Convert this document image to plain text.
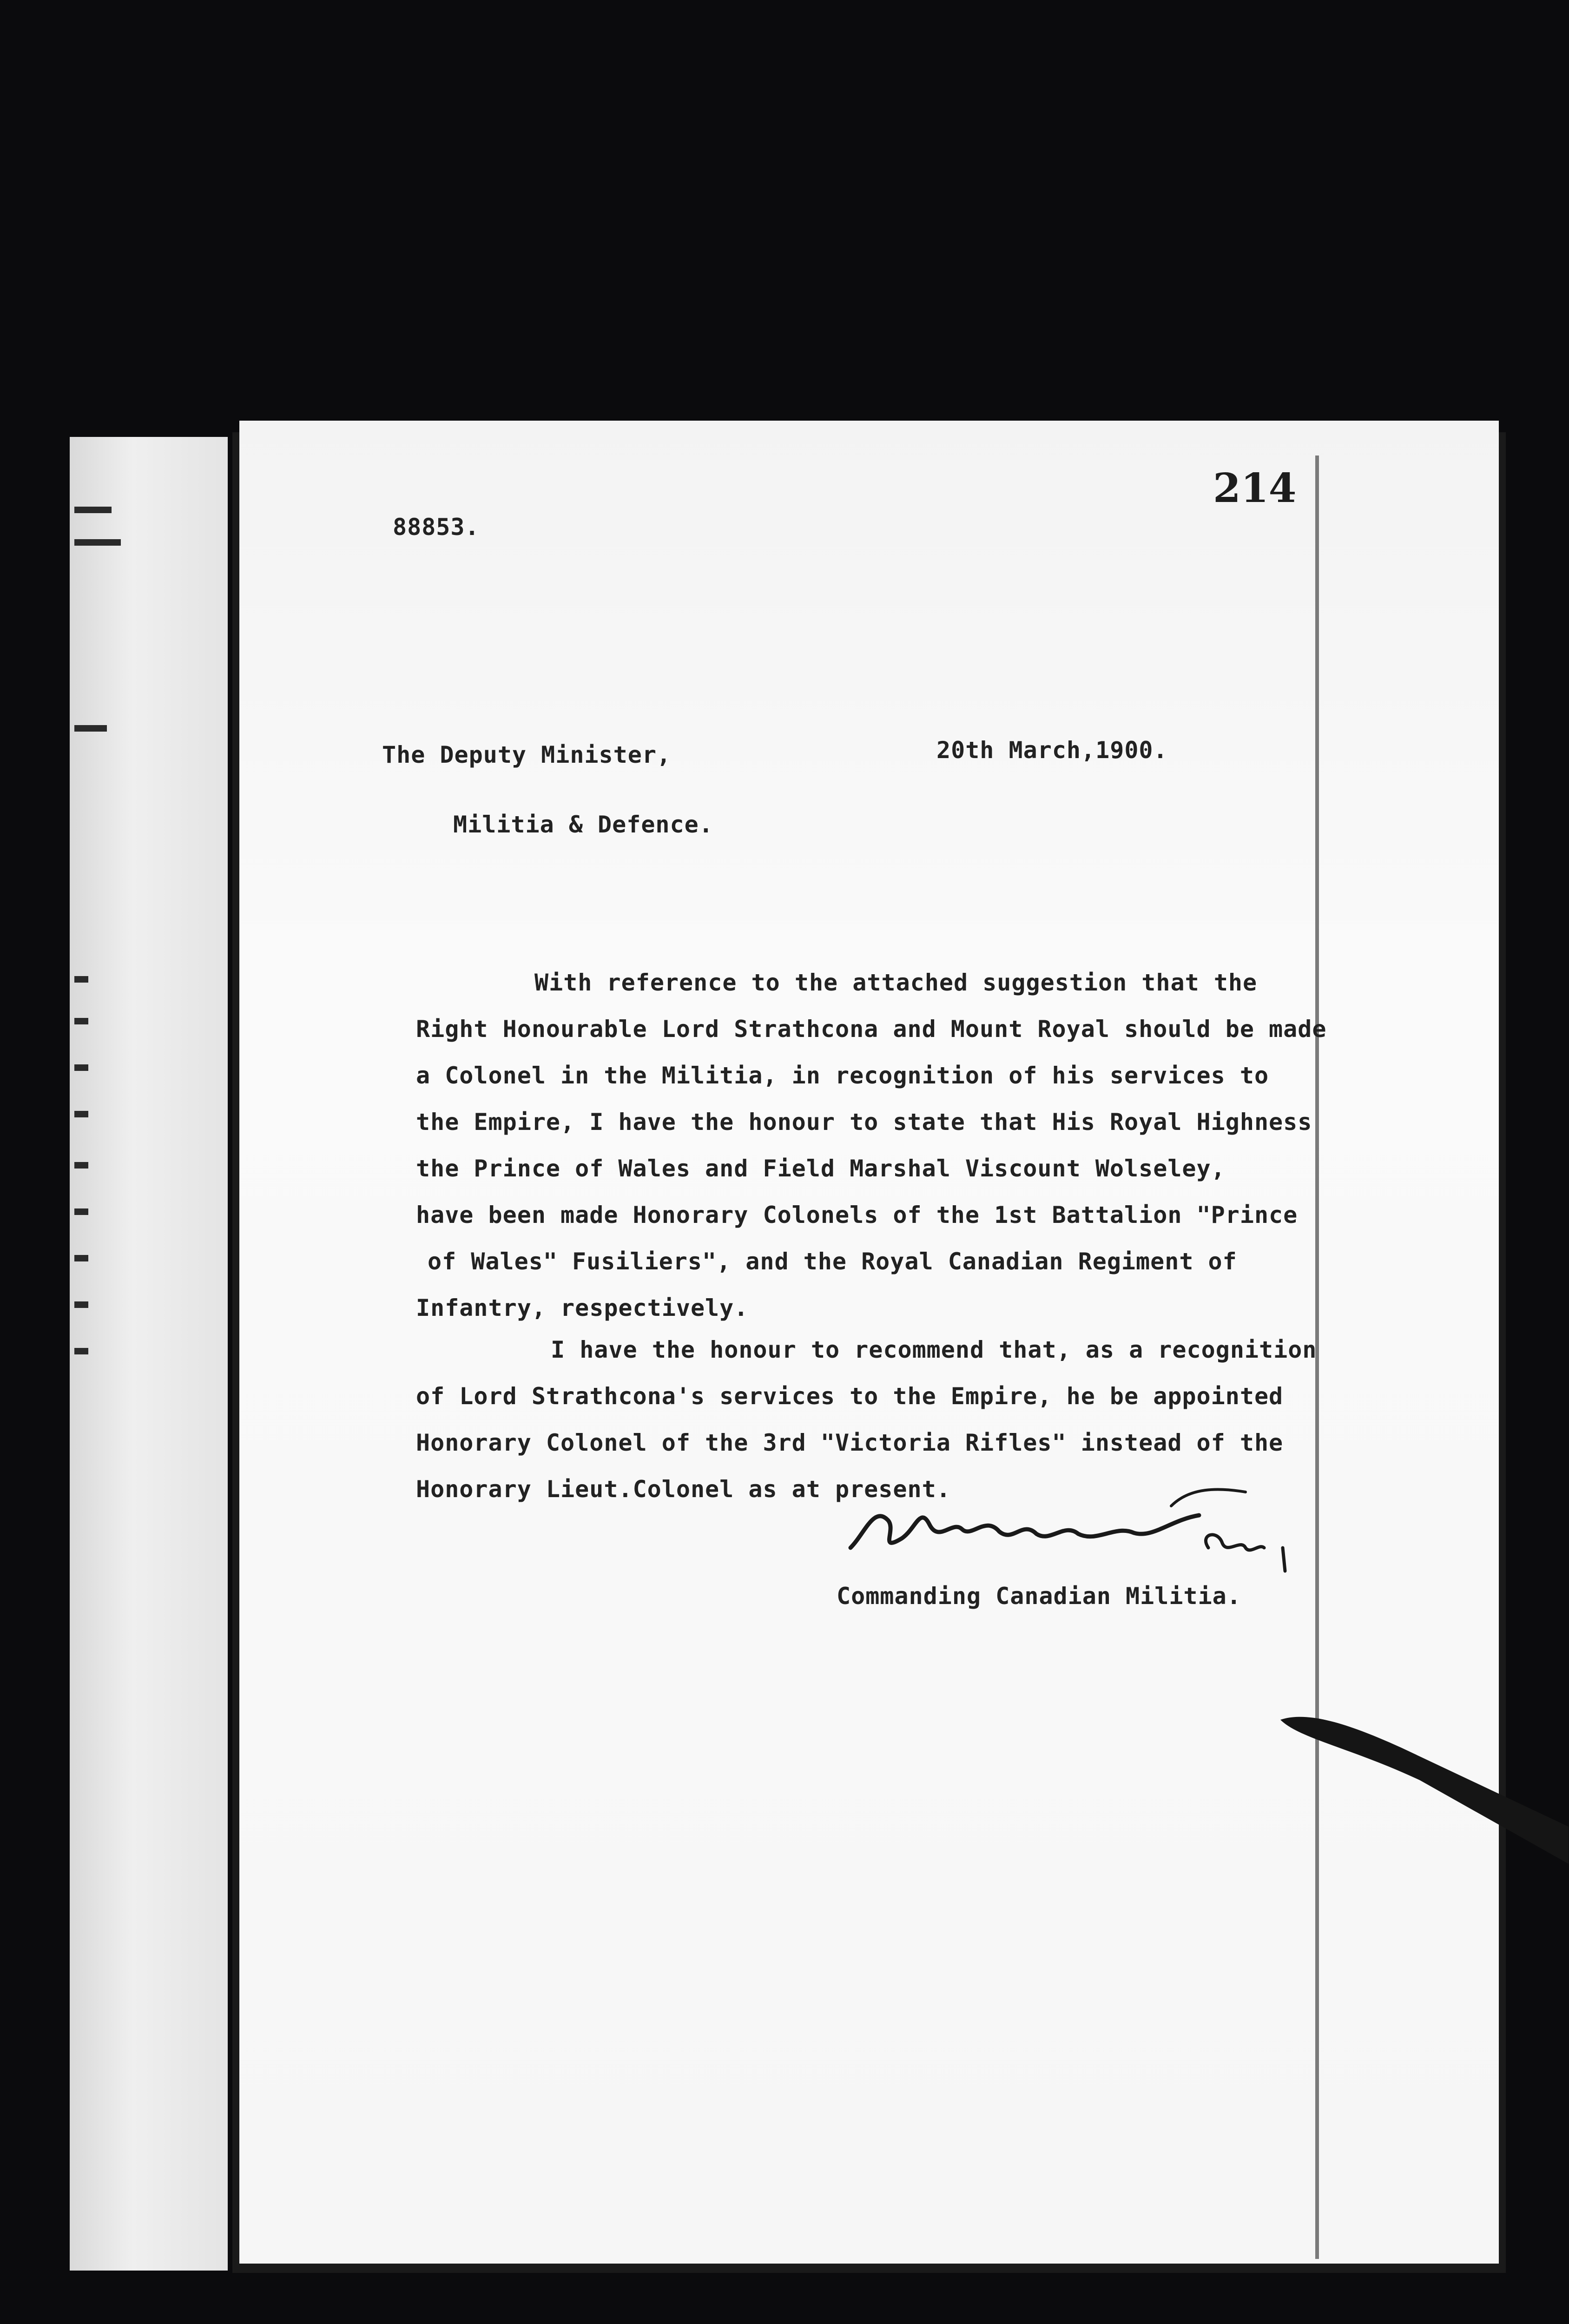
214
88853.
The Deputy Minister,	20th March,1900.
Militia & Defence.
With reference to the attached suggestion that the
Right Honourable Lord Strathcona and Mount Royal should be made
a Colonel in the Militia, in recognition of his services to
the Empire, I have the honour to state that His Royal Highness
the Prince of Wales and Field Marshal Viscount Wolseley,
have been made Honorary Colonels of the 1st Battalion "Prince
of Wales" Fusiliers", and the Royal Canadian Regiment of
Infantry, respectively.
I have the honour to recommend that, as a recognition
of Lord Strathcona's services to the Empire, he be appointed
Honorary Colonel of the 3rd "Victoria Rifles" instead of the
Honorary Lieut.Colonel as at present.
Commanding Canadian Militia.
